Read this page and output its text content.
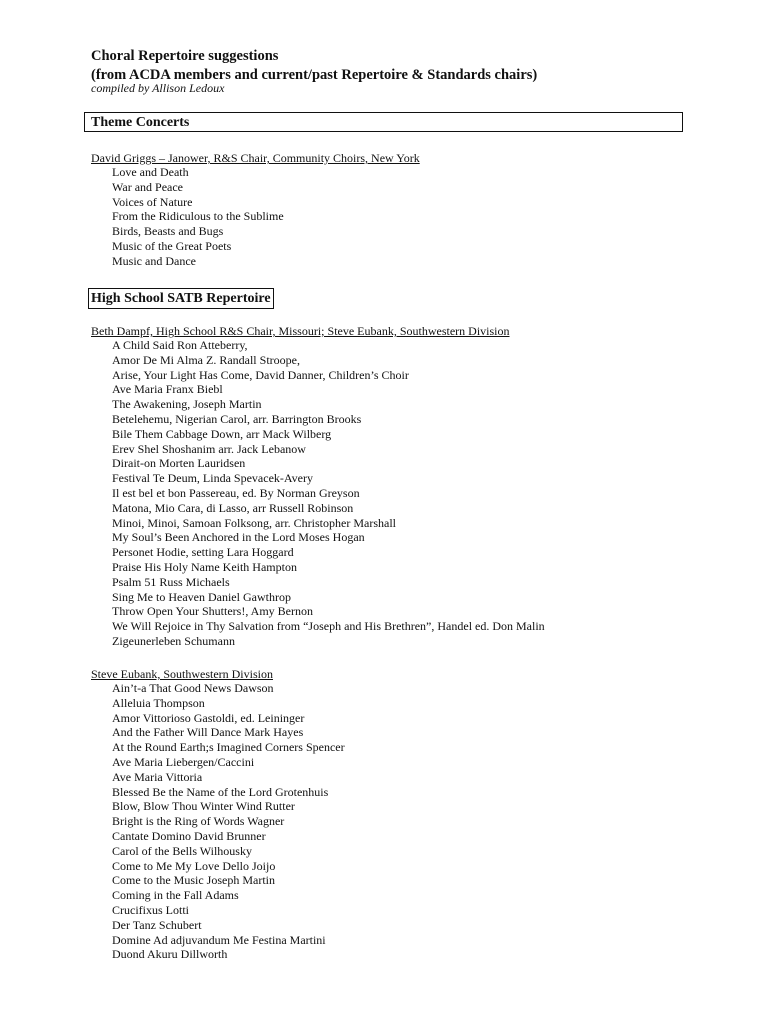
Choral Repertoire suggestions
(from ACDA members and current/past Repertoire & Standards chairs)
compiled by Allison Ledoux
Theme Concerts
David Griggs – Janower, R&S Chair, Community Choirs, New York
Love and Death
War and Peace
Voices of Nature
From the Ridiculous to the Sublime
Birds, Beasts and Bugs
Music of the Great Poets
Music and Dance
High School SATB Repertoire
Beth Dampf, High School R&S Chair, Missouri; Steve Eubank, Southwestern Division
A Child Said Ron Atteberry,
Amor De Mi Alma Z. Randall Stroope,
Arise, Your Light Has Come, David Danner, Children’s Choir
Ave Maria Franx Biebl
The Awakening, Joseph Martin
Betelehemu, Nigerian Carol, arr. Barrington Brooks
Bile Them Cabbage Down, arr Mack Wilberg
Erev Shel Shoshanim arr. Jack Lebanow
Dirait-on Morten Lauridsen
Festival Te Deum, Linda Spevacek-Avery
Il est bel et bon Passereau, ed. By Norman Greyson
Matona, Mio Cara, di Lasso, arr Russell Robinson
Minoi, Minoi, Samoan Folksong, arr. Christopher Marshall
My Soul’s Been Anchored in the Lord Moses Hogan
Personet Hodie, setting Lara Hoggard
Praise His Holy Name Keith Hampton
Psalm 51 Russ Michaels
Sing Me to Heaven Daniel Gawthrop
Throw Open Your Shutters!, Amy Bernon
We Will Rejoice in Thy Salvation from “Joseph and His Brethren”, Handel ed. Don Malin
Zigeunerleben Schumann
Steve Eubank, Southwestern Division
Ain’t-a That Good News Dawson
Alleluia Thompson
Amor Vittorioso Gastoldi, ed. Leininger
And the Father Will Dance Mark Hayes
At the Round Earth;s Imagined Corners Spencer
Ave Maria Liebergen/Caccini
Ave Maria Vittoria
Blessed Be the Name of the Lord Grotenhuis
Blow, Blow Thou Winter Wind Rutter
Bright is the Ring of Words Wagner
Cantate Domino David Brunner
Carol of the Bells Wilhousky
Come to Me My Love Dello Joijo
Come to the Music Joseph Martin
Coming in the Fall Adams
Crucifixus Lotti
Der Tanz Schubert
Domine Ad adjuvandum Me Festina Martini
Duond Akuru Dillworth
